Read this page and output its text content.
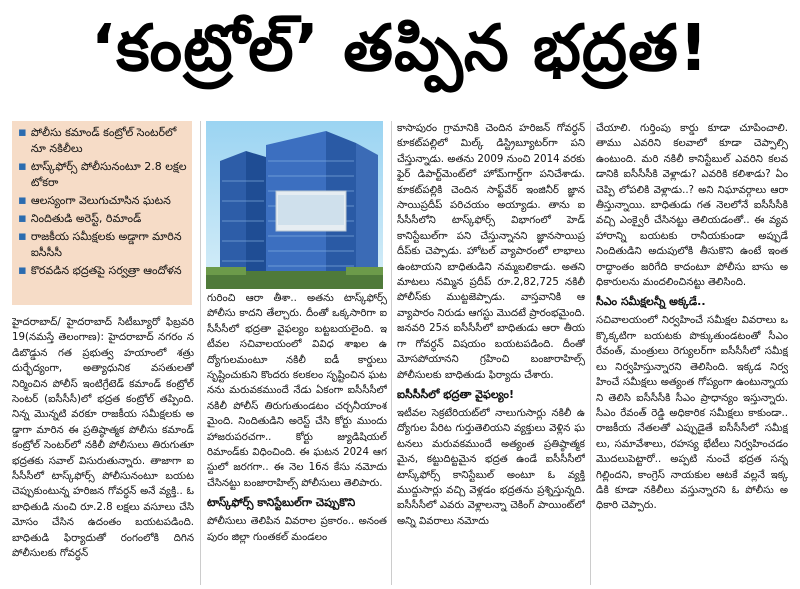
‘కంట్రోల్’ తప్పిన భద్రత!
▪ పోలీసు కమాండ్ కంట్రోల్ సెంటర్‌లో నూ నకిలీలు
▪ టాస్క్‌ఫోర్స్ పోలీసునంటూ 2.8 లక్షల టోకరా
▪ ఆలస్యంగా వెలుగుచూసిన ఘటన
▪ నిందితుడి అరెస్ట్, రిమాండ్
▪ రాజకీయ సమీక్షలకు అడ్డాగా మారిన ఐసీసీసీ
▪ కొరవడిన భద్రతపై సర్వత్రా ఆందోళన

హైదరాబాద్/ హైదరాబాద్ సిటీబ్యూరో ఫిబ్రవరి 19(నమస్తే తెలంగాణ): హైదరాబాద్ నగరం నడిబొడ్డున గత ప్రభుత్వ హయాంలో శత్రు దుర్భేద్యంగా, అత్యాధునిక వసతులతో నిర్మించిన పోలీస్ ఇంటిగ్రేటెడ్ కమాండ్ కంట్రోల్ సెంటర్ (ఐసీసీసీ)లో భద్రత కంట్రోల్ తప్పింది. నిన్న మొన్నటి వరకూ రాజకీయ సమీక్షలకు అడ్డాగా మారిన ఈ ప్రతిష్ఠాత్మక పోలీసు కమాండ్ కంట్రోల్ సెంటర్‌లో నకిలీ పోలీసులు తిరుగుతూ భద్రతకు సవాల్ విసురుతున్నారు. తాజాగా ఐసీసీసీలో టాస్క్‌ఫోర్స్ పోలీసునంటూ బయట చెప్పుకుంటున్న హరిజన గోవర్ధన్ అనే వ్యక్తి.. ఓ బాధితుడి నుంచి రూ.2.8 లక్షలు వసూలు చేసి మోసం చేసిన ఉదంతం బయటపడింది. బాధితుడి ఫిర్యాదుతో రంగంలోకి దిగిన పోలీసులకు గోవర్ధన్

గురించి ఆరా తీశా.. అతను టాస్క్‌ఫోర్స్ పోలీసు కాదని తేల్చారు. దీంతో ఒక్కసారిగా ఐసీసీసీలో భద్రతా వైఫల్యం బట్టబయలైంది. ఇటీవల సచివాలయంలో వివిధ శాఖల ఉద్యోగులమంటూ నకిలీ ఐడీ కార్డులు సృష్టించుకుని కొందరు కలకలం సృష్టించిన ఘటనను మరువకముందే నేడు ఏకంగా ఐసీసీసీలో నకిలీ పోలీస్ తిరుగుతుండటం చర్చనీయాంశమైంది. నిందితుడిని అరెస్ట్ చేసి కోర్టు ముందు హాజరుపరచగా.. కోర్టు జ్యుడిషియల్ రిమాండ్‌కు విధించింది. ఈ ఘటన 2024 ఆగస్టులో జరగగా.. ఈ నెల 16న కేసు నమోదు చేసినట్టు బంజారాహిల్స్ పోలీసులు తెలిపారు.

టాస్క్‌ఫోర్స్ కానిస్టేబుల్‌గా చెప్పుకొని

పోలీసులు తెలిపిన వివరాల ప్రకారం.. అనంతపురం జిల్లా గుంతకల్ మండలం

కాసాపురం గ్రామానికి చెందిన హరిజన్ గోవర్ధన్ కూకట్‌పల్లిలో మిల్క్ డిస్ట్రిబ్యూటర్‌గా పని చేస్తున్నాడు. అతను 2009 నుంచి 2014 వరకు ఫైర్ డిపార్ట్‌మెంట్‌లో హోమ్‌గార్డ్‌గా పనిచేశాడు. కూకట్‌పల్లికి చెందిన సాఫ్ట్‌వేర్ ఇంజినీర్ జ్ఞానసాయిప్రదీప్ పరిచయం అయ్యాడు. తాను ఐసీసీసీలోని టాస్క్‌ఫోర్స్ విభాగంలో హెడ్ కానిస్టేబుల్‌గా పని చేస్తున్నానని జ్ఞానసాయిప్రదీప్‌కు చెప్పాడు. హోటల్ వ్యాపారంలో లాభాలు ఉంటాయని బాధితుడిని నమ్మబలికాడు. అతని మాటలు నమ్మిన ప్రదీప్ రూ.2,82,725 నకిలీ పోలీస్‌కు ముట్టజెప్పాడు. వాస్తవానికి ఆ వ్యాపారం నిరుడు ఆగస్టు మొదటే ప్రారంభమైంది. జనవరి 25న ఐసీసీసీలో బాధితుడు ఆరా తీయగా గోవర్ధన్ విషయం బయటపడింది. దీంతో మోసపోయానని గ్రహించి బంజారాహిల్స్ పోలీసులకు బాధితుడు ఫిర్యాదు చేశారు.

ఐసీసీసీలో భద్రతా వైఫల్యం!

ఇటీవల సెక్రటేరియట్‌లో నాలుగుసార్లు నకిలీ ఉద్యోగుల పేరిట గుర్తుతెలియని వ్యక్తులు వెళ్లిన ఘటనలు మరువకముందే అత్యంత ప్రతిష్ఠాత్మకమైన, కట్టుదిట్టమైన భద్రత ఉండే ఐసీసీసీలో టాస్క్‌ఫోర్స్ కానిస్టేబుల్ అంటూ ఓ వ్యక్తి ముద్దుసార్లు వచ్చి వెళ్లడం భద్రతను ప్రశ్నిస్తున్నది. ఐసీసీసీలో ఎవరు వెళ్లాలన్నా చెకింగ్ పాయింట్‌లో అన్ని వివరాలు నమోదు

చేయాలి. గుర్తింపు కార్డు కూడా చూపించాలి. తాము ఎవరిని కలవాలో కూడా చెప్పాల్సి ఉంటుంది. మరి నకిలీ కానిస్టేబుల్ ఎవరిని కలవడానికి ఐసీసీసీకి వెళ్లాడు? ఎవరికి కలిశాడు? ఏం చెప్పి లోపలికి వెళ్లాడు..? అని నిఘావర్గాలు ఆరా తీస్తున్నాయి. బాధితుడు గత నెలలోనే ఐసీసీసీకి వచ్చి ఎంక్వైరీ చేసినట్టు తెలియడంతో.. ఈ వ్యవహారాన్ని బయటకు రానీయకుండా అప్పుడే నిందితుడిని అదుపులోకి తీసుకొని ఉంటే ఇంత రాద్ధాంతం జరిగేది కాదంటూ పోలీసు బాసు అధికారులను మందలించినట్టు తెలిసింది.

సీఎం సమీక్షలన్నీ అక్కడే..

సచివాలయంలో నిర్వహించే సమీక్షల వివరాలు ఒక్కొక్కటిగా బయటకు పొక్కుతుండటంతో సీఎం రేవంత్, మంత్రులు రెగ్యులర్‌గా ఐసీసీసీలో సమీక్షలు నిర్వహిస్తున్నారని తెలిసింది. ఇక్కడ నిర్వహించే సమీక్షలు అత్యంత గోప్యంగా ఉంటున్నాయని తెలిసి ఐసీసీసీకి సీఎం ప్రాధాన్యం ఇస్తున్నారు. సీఎం రేవంత్ రెడ్డి అధికారిక సమీక్షలు కాకుండా.. రాజకీయ నేతలతో ఎప్పుడైతే ఐసీసీసీలో సమీక్షలు, సమావేశాలు, రహస్య భేటీలు నిర్వహించడం మొదలుపెట్టారో.. అప్పటి నుంచే భద్రత సన్నగిల్లిందని, కాంగ్రెస్ నాయకుల ఆటకే వల్లనే ఇక్కడికి కూడా నకిలీలు వస్తున్నారని ఓ పోలీసు అధికారి చెప్పారు.
